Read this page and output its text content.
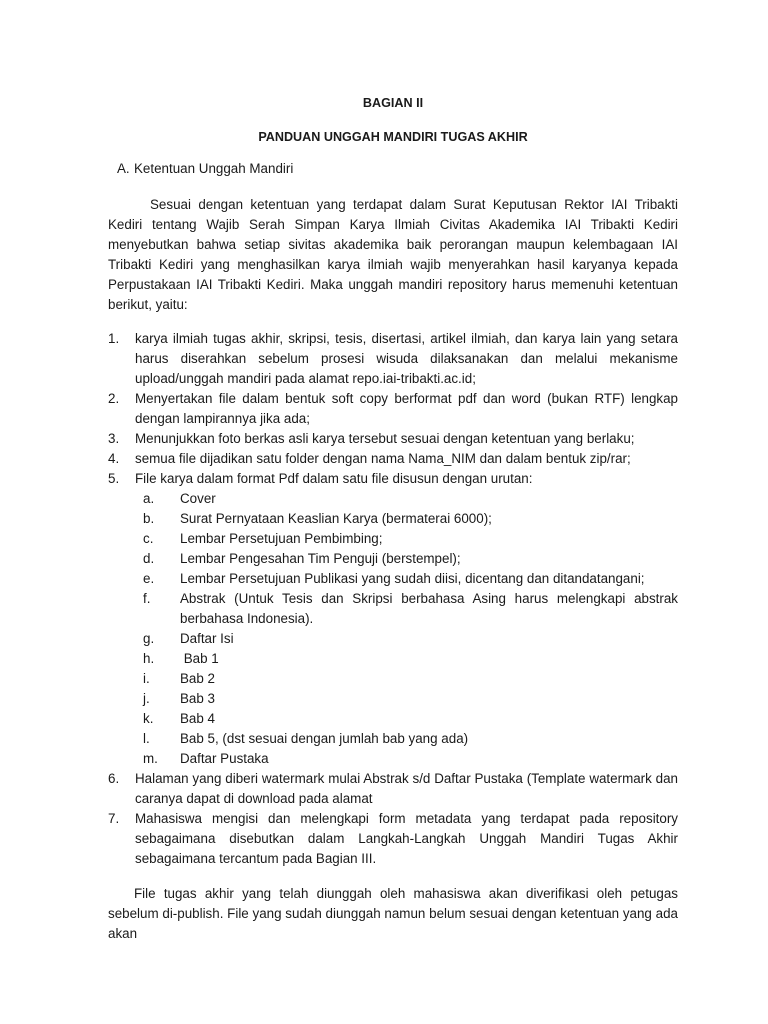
BAGIAN II

PANDUAN UNGGAH MANDIRI TUGAS AKHIR

A. Ketentuan Unggah Mandiri

Sesuai dengan ketentuan yang terdapat dalam Surat Keputusan Rektor IAI Tribakti Kediri tentang Wajib Serah Simpan Karya Ilmiah Civitas Akademika IAI Tribakti Kediri menyebutkan bahwa setiap sivitas akademika baik perorangan maupun kelembagaan IAI Tribakti Kediri yang menghasilkan karya ilmiah wajib menyerahkan hasil karyanya kepada Perpustakaan IAI Tribakti Kediri. Maka unggah mandiri repository harus memenuhi ketentuan berikut, yaitu:

1. karya ilmiah tugas akhir, skripsi, tesis, disertasi, artikel ilmiah, dan karya lain yang setara harus diserahkan sebelum prosesi wisuda dilaksanakan dan melalui mekanisme upload/unggah mandiri pada alamat repo.iai-tribakti.ac.id;
2. Menyertakan file dalam bentuk soft copy berformat pdf dan word (bukan RTF) lengkap dengan lampirannya jika ada;
3. Menunjukkan foto berkas asli karya tersebut sesuai dengan ketentuan yang berlaku;
4. semua file dijadikan satu folder dengan nama Nama_NIM dan dalam bentuk zip/rar;
5. File karya dalam format Pdf dalam satu file disusun dengan urutan:
a. Cover
b. Surat Pernyataan Keaslian Karya (bermaterai 6000);
c. Lembar Persetujuan Pembimbing;
d. Lembar Pengesahan Tim Penguji (berstempel);
e. Lembar Persetujuan Publikasi yang sudah diisi, dicentang dan ditandatangani;
f. Abstrak (Untuk Tesis dan Skripsi berbahasa Asing harus melengkapi abstrak berbahasa Indonesia).
g. Daftar Isi
h. Bab 1
i. Bab 2
j. Bab 3
k. Bab 4
l. Bab 5, (dst sesuai dengan jumlah bab yang ada)
m. Daftar Pustaka
6. Halaman yang diberi watermark mulai Abstrak s/d Daftar Pustaka (Template watermark dan caranya dapat di download pada alamat
7. Mahasiswa mengisi dan melengkapi form metadata yang terdapat pada repository sebagaimana disebutkan dalam Langkah-Langkah Unggah Mandiri Tugas Akhir sebagaimana tercantum pada Bagian III.

File tugas akhir yang telah diunggah oleh mahasiswa akan diverifikasi oleh petugas sebelum di-publish. File yang sudah diunggah namun belum sesuai dengan ketentuan yang ada akan
